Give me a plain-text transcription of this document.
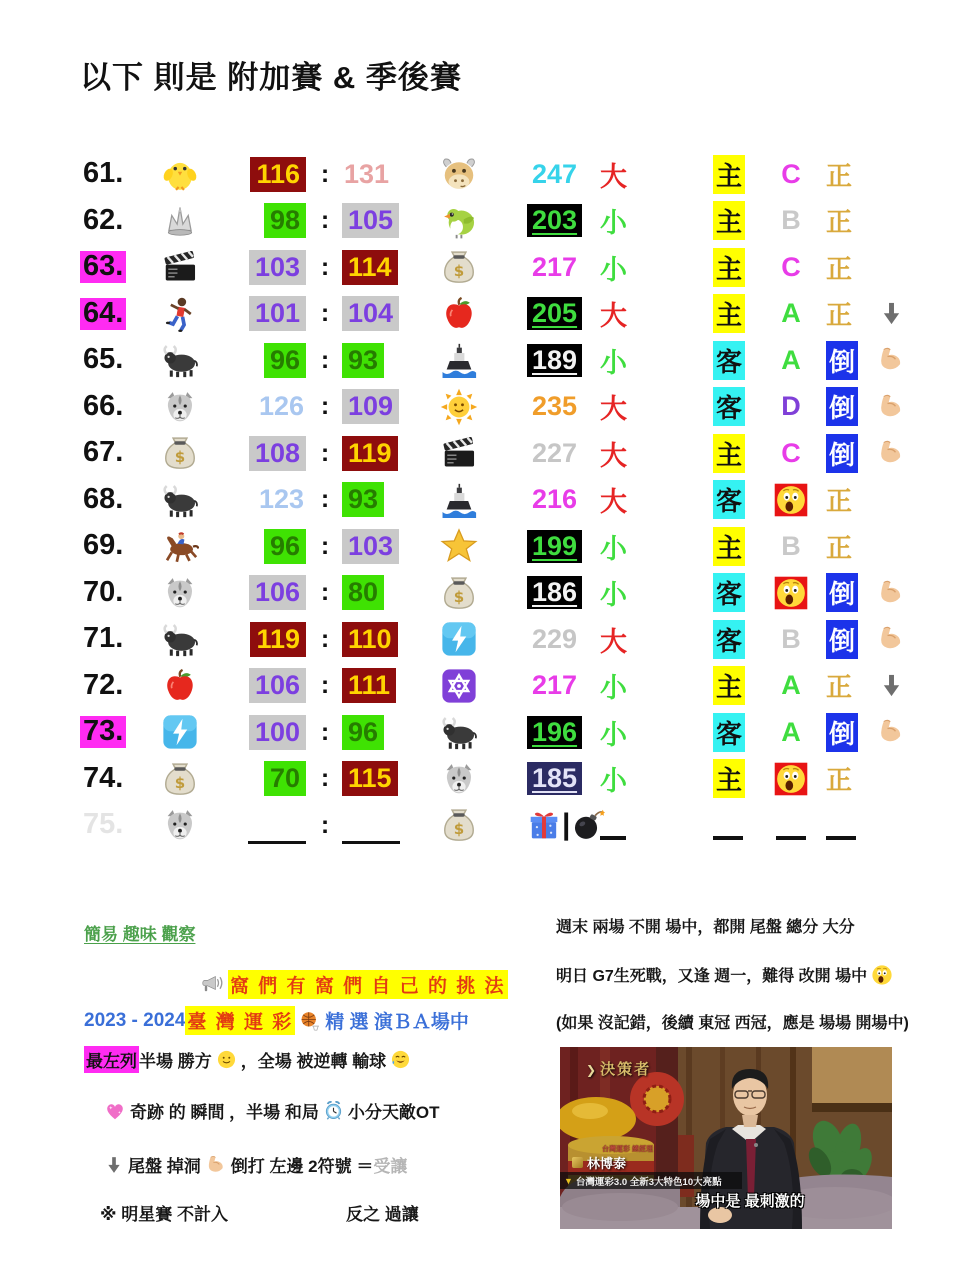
以下 則是 附加賽 & 季後賽
61.	116 : 131	247 大	主 C 正
62.	98 : 105	203 小	主 B 正
63.	103 : 114	$	217 小	主 C 正
64.	101 : 104	205 大	主 A 正
65.	96 : 93	189 小	客 A 倒
66.	126 : 109	235 大	客 D 倒
67.	$	108 : 119	227 大	主 C 倒
68.	123 : 93	216 大	客	正
69.	96 : 103	199 小	主 B 正
70.	106 : 80	$	186 小	客	倒
71.	119 : 110	229 大	客 B 倒
72.	106 : 111	217 小	主 A 正
73.	100 : 96	196 小	客 A 倒
74.	$	70 : 115	185 小	主	正
75.	:	$	|
簡易 趣味 觀察
窩 們 有 窩 們 自 己 的 挑 法
2023 - 2024 臺 灣 運 彩 精 選 演ＢＡ場中
最左列 半場 勝方 ，全場 被逆轉 輸球
奇跡 的 瞬間 ，半場 和局 小分天敵OT
尾盤 掉洞 倒打 左邊 2符號 ＝ 受讓
※ 明星賽 不計入	反之 過讓
週末 兩場 不開 場中，都開 尾盤 總分 大分
明日 G7生死戰，又逢 週一，難得 改開 場中
(如果 沒記錯，後續 東冠 西冠，應是 場場 開場中)
❯ 決策者
台灣運彩 總經理
林博泰
▼ 台灣運彩3.0 全新3大特色10大亮點
場中是 最刺激的
